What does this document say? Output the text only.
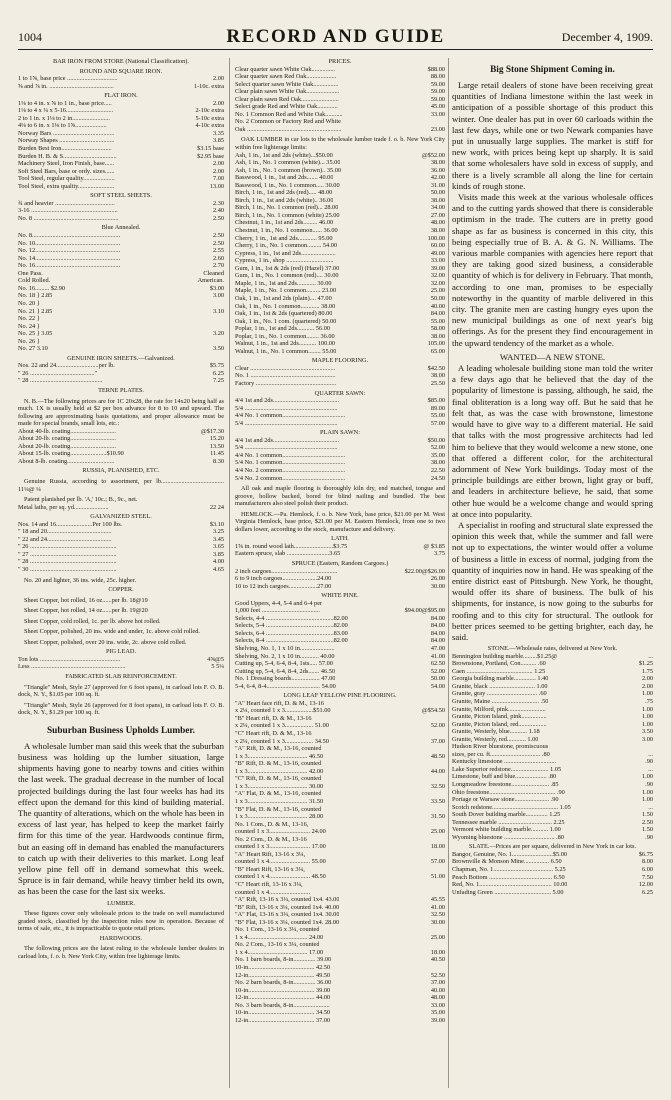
1004	RECORD AND GUIDE	December 4, 1909.
BAR IRON FROM STORE (National Classification).
ROUND AND SQUARE IRON.
1 to 1⅝, base price ................................	2.00
⅝ and ⅞ in. .........................................	1-10c. extra
FLAT IRON.
1⅛ to 4 in. x ⅝ to 1 in., base price.....	2.00
1⅛ to 4 x ¼ x 5-16..............................	2-10c extra
2 to 1 in. x 1⅛ to 2 in........................	5-10c extra
4⅛ to 6 in. x 1⅛ to 1⅝....................	4-10c extra
Norway Bars .......................................	3.35
Norway Shapes ...................................	3.85
Burden Best Iron................................	$3.15 base
Burden H. B. & S..................................	$2.95 base
Machinery Steel, Iron Finish, base......	2.00
Soft Steel Bars, base or ordy. sizes......	2.00
Tool Steel, regular quality....................	7.00
Tool Steel, extra quality.......................	13.00
SOFT STEEL SHEETS.
¾ and heavier ......................................	2.30
3-16 .......................................................	2.40
No. 8 ......................................................	2.50
Blue Annealed.
No. 8........................................................	2.50
No. 10......................................................	2.50
No. 12......................................................	2.55
No. 14......................................................	2.60
No. 16......................................................	2.70
One Pass.	Cleaned
Cold Rolled.	American.
No. 16......... $2.90	$3.00
No. 18 } 2.85	3.00
No. 20 }
No. 21 } 2.85	3.10
No. 22 }
No. 24 }
No. 25 } 3.05	3.20
No. 26 }
No. 27 3.10	3.50
GENUINE IRON SHEETS.—Galvanized.
Nos. 22 and 24...........................per lb.	$5.75
" 26 ........................................."	6.25
" 28 ..............................................	7.25
TERNE PLATES.
N. B.—The following prices are for 1C 20x28, the rate for 14x20 being half as much. 1X is usually held at $2 per box advance for 8 to 10 and upward. The following are approximating basis quotations, and proper allowance must be made for special brands, small lots, etc.:
About 40-lb. coating.............................	@$17.30
About 20-lb. coating.............................	15.20
About 20-lb. coating.............................	13.50
About 15-lb. coating.......................$10.90	11.45
About 8-lb. coating..............................	8.30
RUSSIA, PLANISHED, ETC.
Genuine Russia, according to assortment, per lb........................................ 11¼@ ¼
Patent planished per lb. 'A,' 10c.; B., 9c., net.
Metal laths, per sq. yd......................	22 24
GALVANIZED STEEL.
Nos. 14 and 16.......................Per 100 lbs.	$3.10
" 18 and 20.........................................	3.25
" 22 and 24.........................................	3.45
" 26 .......................................................	3.65
" 27 .......................................................	3.85
" 28 .......................................................	4.00
" 30 .......................................................	4.65
No. 20 and lighter, 36 ins. wide, 25c. higher.
COPPER.
Sheet Copper, hot rolled, 16 oz......per lb. 18@19
Sheet Copper, hot rolled, 14 oz......per lb. 19@20
Sheet Copper, cold rolled, 1c. per lb. above hot rolled.
Sheet Copper, polished, 20 ins. wide and under, 1c. above cold rolled.
Sheet Copper, polished, over 20 ins. wide, 2c. above cold rolled.
PIG LEAD.
Ton lots ...................................................	4⅝@5
Less ............................................................	5 5¼
FABRICATED SLAB REINFORCEMENT.
"Triangle" Mesh, Style 27 (approved for 6 foot spans), in carload lots F. O. B. dock, N. Y., $1.05 per 100 sq. ft.
"Triangle" Mesh, Style 26 (approved for 8 foot spans), in carload lots F. O. B. dock, N. Y., $1.29 per 100 sq. ft.
Suburban Business Upholds Lumber.
A wholesale lumber man said this week that the suburban business was holding up the lumber situation, large shipments having gone to nearby towns and cities within the last week. The gradual decrease in the number of local projected buildings during the last four weeks has had its effect upon the demand for this kind of building material. The quantity of alterations, which on the whole has been in excess of last year, has helped to keep the market fairly firm for this time of the year. Hardwoods continue firm, but an easing off in demand has enabled the manufacturers to catch up with their deliveries to this market. Long leaf yellow pine fell off in demand somewhat this week. Spruce is in fair demand, while heavy timber held its own, as has been the case for the last six weeks.
LUMBER.
These figures cover only wholesale prices to the trade on well manufactured graded stock, classified by the inspection rules now in operation. Because of terms of sale, etc., it is impracticable to quote retail prices.
HARDWOODS.
The following prices are the latest ruling to the wholesale lumber dealers in carload lots, f. o. b. New York City, within free lighterage limits.
PRICES.
Clear quarter sawn White Oak...............	$88.00
Clear quarter sawn Red Oak...................	88.00
Select quarter sawn White Oak................	59.00
Clear plain sawn White Oak.....................	59.00
Clear plain sawn Red Oak........................	59.00
Select grade Red and White Oak.............	45.00
No. 1 Common Red and White Oak...........	33.00
No. 2 Common or Factory Red and White
Oak ............................................................	23.00
OAK LUMBER in car lots to the wholesale lumber trade f. o. b. New York City within free lighterage limits:
Ash, 1 in., 1st and 2ds (white)...$50.00	@$52.00
Ash, 1 in., No. 1 common (white)... 35.00	38.00
Ash, 1 in., No. 1 common (brown).. 35.00	36.00
Basswood, 1 in., 1st and 2ds....... 40.00	42.00
Basswood, 1 in., No. 1 common..... 30.00	31.00
Birch, 1 in., 1st and 2ds (red)..... 48.00	50.00
Birch, 1 in., 1st and 2ds (white).. 36.00	38.00
Birch, 1 in., No. 1 common (red)... 28.00	34.00
Birch, 1 in., No. 1 common (white) 25.00	27.00
Chestnut, 1 in., 1st and 2ds......... 46.00	48.00
Chestnut, 1 in., No. 1 common...... 36.00	38.00
Cherry, 1 in., 1st and 2ds............ 95.00	100.00
Cherry, 1 in., No. 1 common......... 54.00	60.00
Cypress, 1 in., 1st and 2ds......................	49.00
Cypress, 1 in., shop ..............................	33.00
Gum, 1 in., 1st & 2ds (red) (Hazel) 37.00	39.00
Gum, 1 in., No. 1 common (red).... 30.00	32.00
Maple, 1 in., 1st and 2ds............ 30.00	32.00
Maple, 1 in., No. 1 common......... 23.00	25.00
Oak, 1 in., 1st and 2ds (plain).... 47.00	50.00
Oak, 1 in., No. 1 common............ 38.00	40.00
Oak, 1 in., 1st & 2ds (quartered) 80.00	84.00
Oak, 1 in., No. 1 com. (quartered) 50.00	55.00
Poplar, 1 in., 1st and 2ds........... 56.00	58.00
Poplar, 1 in., No. 1 common........ 36.00	38.00
Walnut, 1 in., 1st and 2ds........... 100.00	105.00
Walnut, 1 in., No. 1 common........ 55.00	65.00
MAPLE FLOORING.
Clear ......................................................	$42.50
No. 1 ......................................................	38.00
Factory ...................................................	25.50
QUARTER SAWN:
4/4 1st and 2ds..........................................	$85.00
5/4 ...........................................................	89.00
4/4 No. 1 common........................................	55.00
5/4 ...........................................................	57.00
PLAIN SAWN:
4/4 1st and 2ds..........................................	$50.00
5/4 ...........................................................	52.00
4/4 No. 1 common........................................	35.00
5/4 No. 1 common........................................	38.00
4/4 No. 2 common........................................	22.50
5/4 No. 2 common........................................	24.50
All oak and maple flooring is thoroughly kiln dry, end matched, tongue and groove, hollow backed, bored for blind nailing and bundled. The best manufacturers also steel polish their product.
HEMLOCK.—Pa. Hemlock, f. o. b. New York, base price, $21.00 per M. West Virginia Hemlock, base price, $21.00 per M. Eastern Hemlock, from one to two dollars lower, according to the stock, manufacture and delivery.
LATH.
1⅝ in. round wood lath.........................$3.75	@ $3.85
Eastern spruce, slab ...........................3.65	3.75
SPRUCE (Eastern, Random Cargoes.)
2 inch cargoes..........................................	$22.00@$26.00
6 to 9 inch cargoes......................24.00	26.00
10 to 12 inch cargoes..................27.00	30.00
WHITE PINE.
Good Uppers, 4-4, 5-4 and 6-4 per
1,000 feet .....................................	$94.00@$95.00
Selects, 4-4 ...........................................82.00	84.00
Selects, 5-4 ...........................................82.00	84.00
Selects, 6-4 ...........................................83.00	84.00
Selects, 8-4 ...........................................82.00	84.00
Shelving, No. 1, 1 x 10 in......................	47.00
Shelving, No. 2, 1 x 10 in............ 40.00	41.00
Cutting up, 5-4, 6-4, 8-4, 1sts..... 57.00	62.50
Cutting up, 5-4, 6-4, 8-4, 2ds....... 46.50	52.00
No. 1 Dressing boards.................. 47.00	50.00
5-4, 6-4, 8-4.................................. 54.00	54.00
LONG LEAF YELLOW PINE FLOORING.
"A" Heart face rift, D. & M., 13-16
x 2¼, counted 1 x 3..................$51.00	@$54.50
"B" Heart rift, D. & M., 13-16
x 2¼, counted 1 x 3.................. 51.00	52.00
"C" Heart rift, D. & M., 13-16
x 2¼, counted 1 x 3.................. 34.50	37.00
"A" Rift, D. & M., 13-16, counted
1 x 3...................................... 46.50	48.50
"B" Rift, D. & M., 13-16, counted
1 x 3...................................... 42.00	44.00
"C" Rift, D. & M., 13-16, counted
1 x 3...................................... 30.00	32.50
"A" Flat, D. & M., 13-16, counted
1 x 3...................................... 31.50	33.50
"B" Flat, D. & M., 13-16, counted
1 x 3...................................... 28.00	31.50
No. 1 Com., D. & M., 13-16,
counted 1 x 3.......................... 24.00	25.00
No. 2 Com., D. & M., 13-16
counted 1 x 3.......................... 17.00	18.00
"A" Heart Rift, 13-16 x 3¼,
counted 1 x 4.......................... 55.00	57.00
"B" Heart Rift, 13-16 x 3¼,
counted 1 x 4.......................... 48.50	51.00
"C" Heart rift, 13-16 x 3¼,
counted 1 x 4..........................
"A" Rift, 13-16 x 3¼, counted 1x4. 43.00	45.55
"B" Rift, 13-16 x 3¼, counted 1x4. 40.00	41.00
"A" Flat, 13-16 x 3¼, counted 1x4. 30.00	32.50
"B" Flat, 13-16 x 3¼, counted 1x4. 28.00	30.00
No. 1 Com., 13-16 x 3¼, counted
1 x 4...................................... 24.00	25.00
No. 2 Com., 13-16 x 3¼, counted
1 x 4...................................... 17.00	18.00
No. 1 barn boards, 8-in.............. 39.00	40.50
10-in.......................................... 42.50
12-in.......................................... 49.50	52.50
No. 2 barn boards, 8-in.............. 36.00	37.00
10-in.......................................... 39.00	40.00
12-in.......................................... 44.00	48.00
No. 3 barn boards, 8-in.......................	33.00
10-in.......................................... 34.50	35.00
12-in.......................................... 37.00	39.00
Big Stone Shipment Coming in.
Large retail dealers of stone have been receiving great quantities of Indiana limestone within the last week in anticipation of a possible shortage of this product this winter. One dealer has put in over 60 carloads within the last few days, while one or two Newark companies have put in unusually large supplies. The market is stiff for new work, with prices being kept up sharply. It is said that some wholesalers have sold in excess of supply, and there is a lively scramble all along the line for certain kinds of rough stone.
Visits made this week at the various wholesale offices and to the cutting yards showed that there is considerable optimism in the trade. The cutters are in pretty good shape as far as business is concerned in this city, this being especially true of B. A. & G. N. Williams. The various marble companies with agencies here report that they are taking good sized business, a considerable quantity of which is for delivery in February. That month, according to one man, promises to be especially noteworthy in the quantity of marble delivered in this city. The granite men are casting hungry eyes upon the new municipal buildings as one of next year's big offerings. As for the present they find encouragement in the upward tendency of the market as a whole.
WANTED—A NEW STONE.
A leading wholesale building stone man told the writer a few days ago that he believed that the day of the popularity of limestone is passing, although, he said, the final obliteration is a long way off. But he said that he felt that, as was the case with brownstone, limestone would have to give way to a different material. He said that talks with the most progressive architects had led him to believe that they would welcome a new stone, one that offered a different color, for the architectural adornment of New York buildings. Today most of the principle buildings are either brown, light gray or buff, and leaders in architecture believe, he said, that some other hue would be a welcome change and would spring at once into popularity.
A specialist in roofing and structural slate expressed the opinion this week that, while the summer and fall were not up to expectations, the winter would offer a volume of business a little in excess of normal, judging from the quantity of inquiries now in hand. He was speaking of the entire district east of Pittsburgh. New York, he thought, would offer its share of business. The bulk of his shipments, for instance, is now going to the suburbs for roofing and to this city for structural. The outlook for better prices seemed to be getting brighter, each day, he said.
STONE.—Wholesale rates, delivered at New York.
Bennington building marble.........$1.25@	...
Brownstone, Portland, Con.......... .60	$1.25
Caen .......................................... 1.25	1.75
Georgia building marble.............. 1.40	2.00
Granite, black ............................. 1.00	2.00
Granite, gray ................................ .60	1.00
Granite, Maine .............................. .50	.75
Granite, Milford, pink........................	1.00
Granite, Picton Island, pink................	1.00
Granite, Picton Island, red..................	1.00
Granite, Westerly, blue........... 1.18	3.50
Granite, Westerly, red............ 1.00	3.00
Hudson River bluestone, promiscuous
sizes, per cu. ft................................ .80	...
Kentucky limestone .................................	.90
Lake Superior redstone........................ 1.05	...
Limestone, buff and blue.................... .80	1.00
Longmeadow freestone........................ .85	.90
Ohio freestone.......................................... .90	1.00
Portage or Warsaw stone...................... .90	1.00
Scotch redstone.......................................... 1.05	...
South Dover building marble.............. 1.25	1.50
Tennessee marble .................................. 2.25	2.50
Vermont white building marble........... 1.00	1.50
Wyoming bluestone ................................ .80	.90
SLATE.—Prices are per square, delivered in New York in car lots.
Bangor, Genuine, No. 1..........................$5.00	$6.75
Brownville & Monson Mine................ 6.50	8.00
Chapman, No. 1...................................... 5.25	6.00
Peach Bottom ........................................ 6.50	7.50
Red, No. 1.............................................. 10.00	12.00
Unfading Green .................................... 5.00	6.25
